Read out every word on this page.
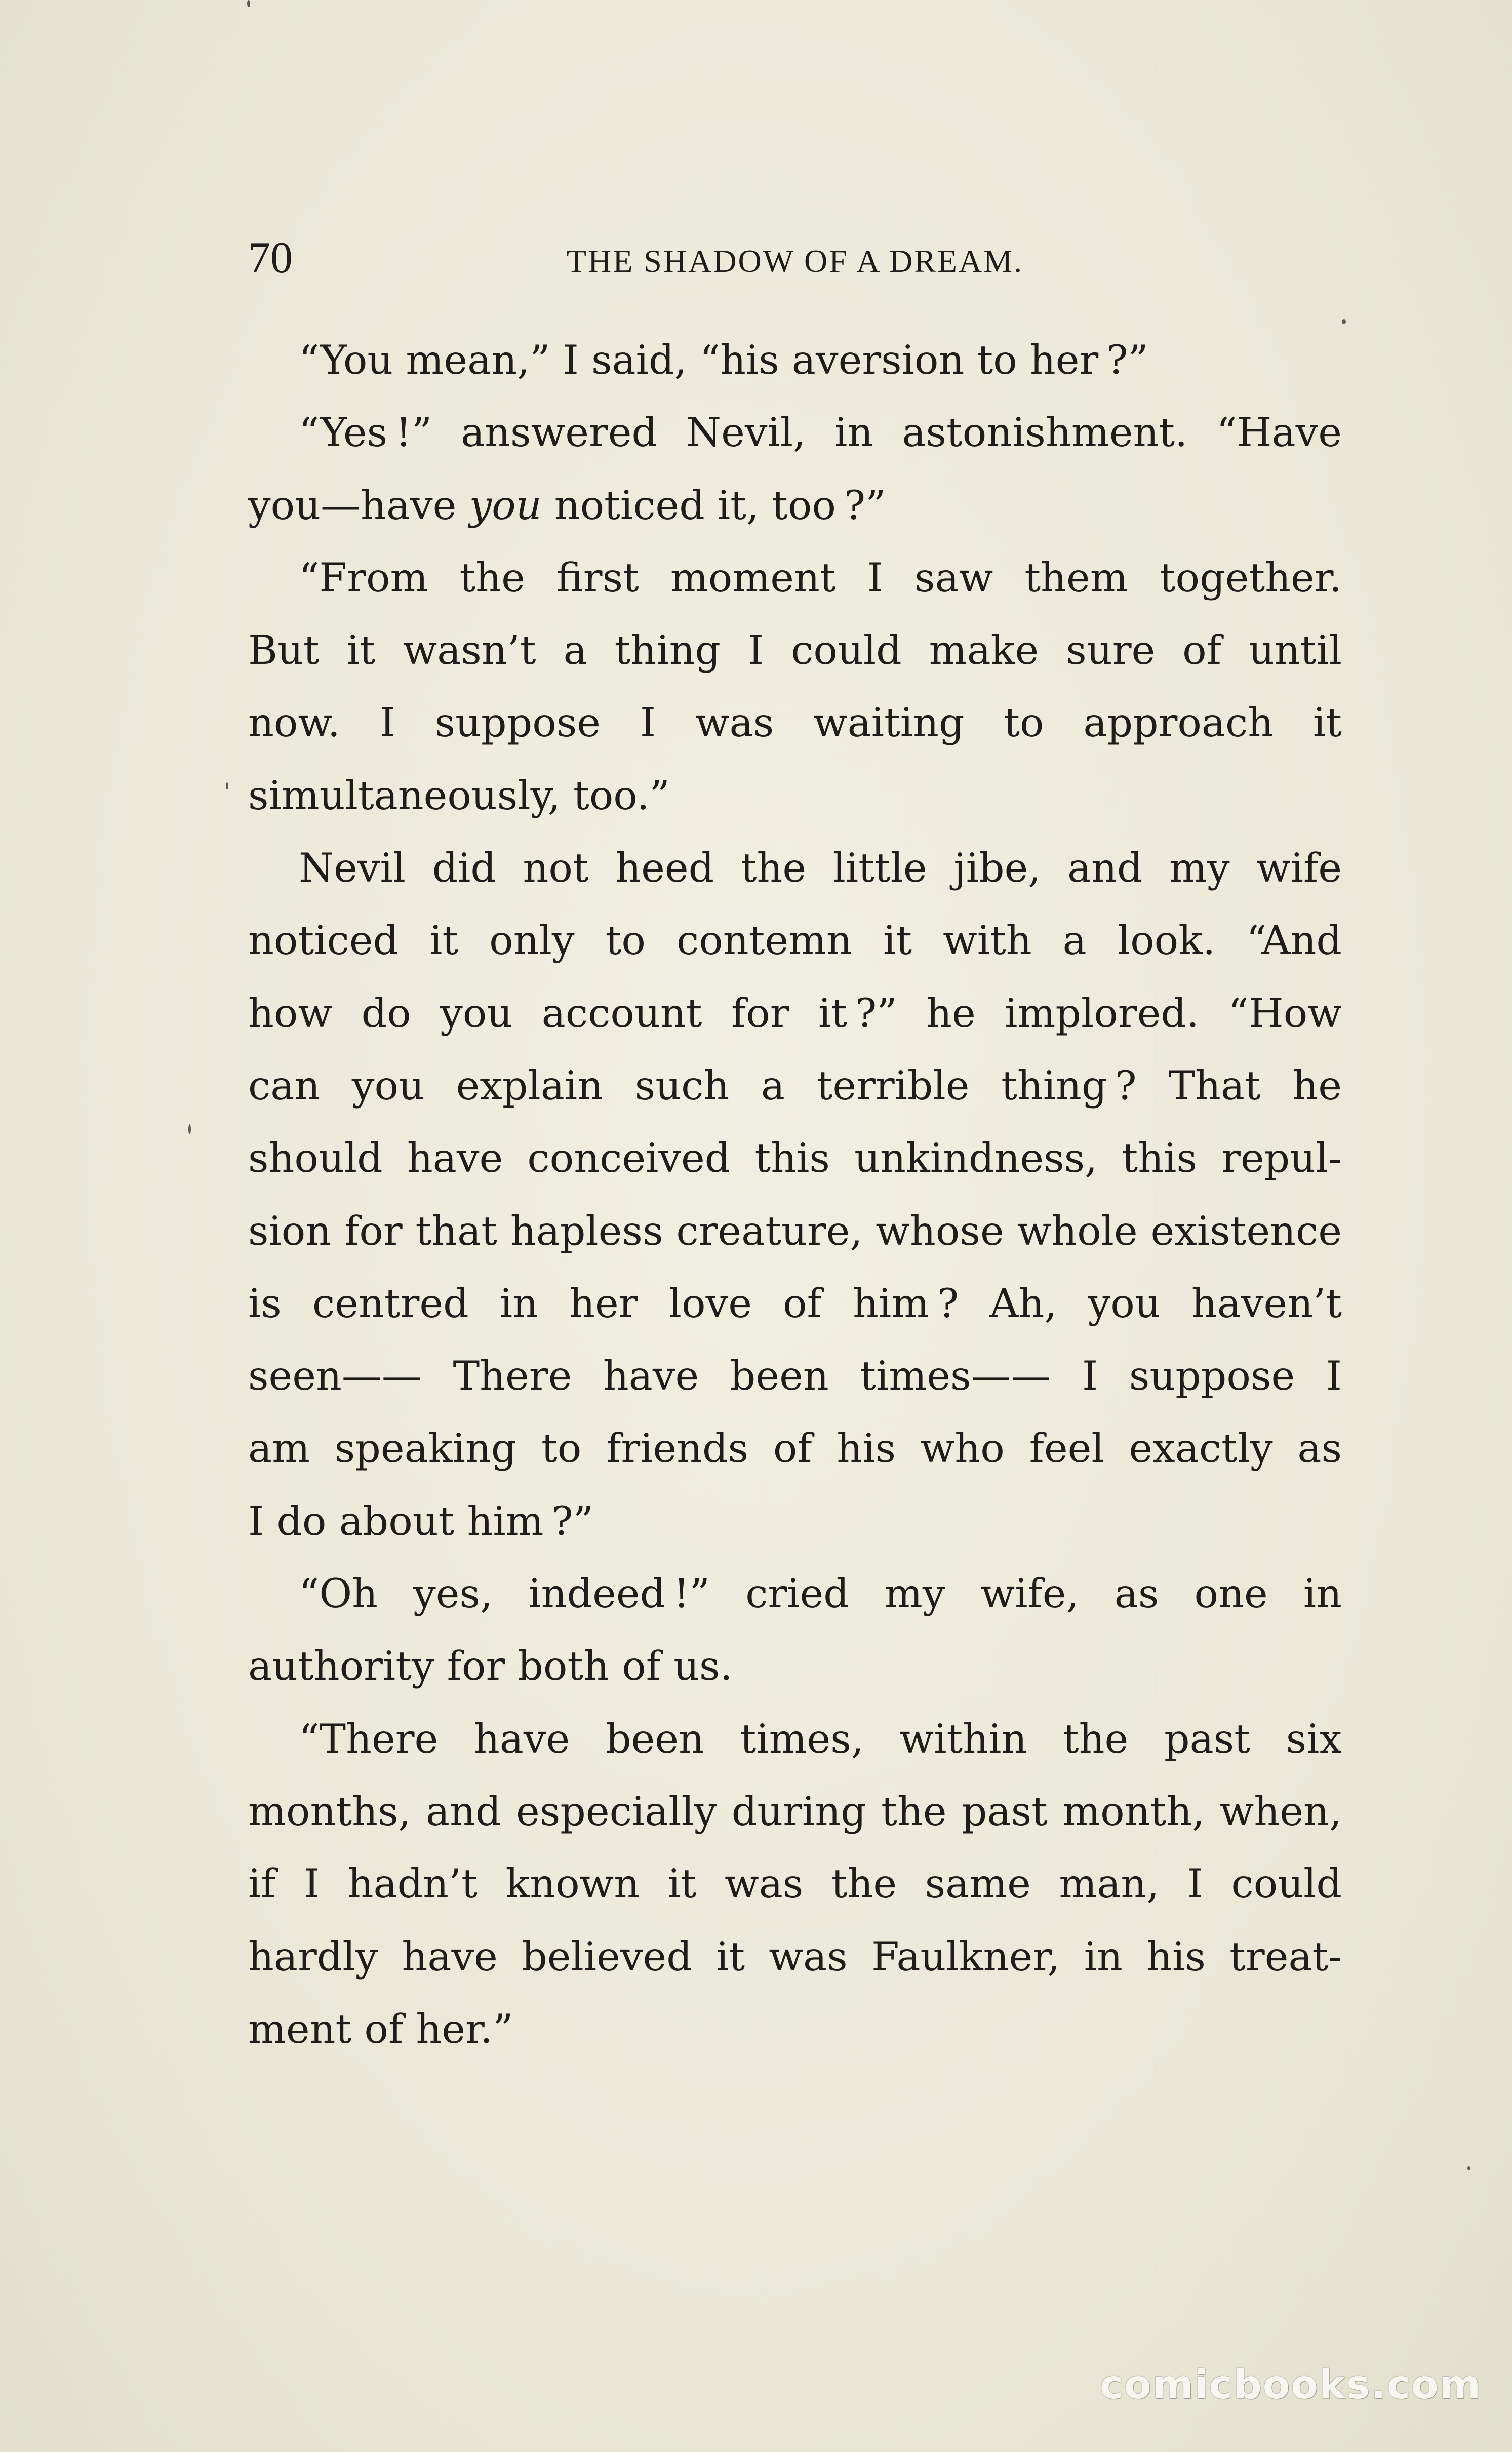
70	THE SHADOW OF A DREAM.

“You mean,” I said, “his aversion to her ?”

“Yes !” answered Nevil, in astonishment. “Have
you—have you noticed it, too ?”

“From the first moment I saw them together.
But it wasn’t a thing I could make sure of until
now. I suppose I was waiting to approach it
simultaneously, too.”

Nevil did not heed the little jibe, and my wife
noticed it only to contemn it with a look. “And
how do you account for it ?” he implored. “How
can you explain such a terrible thing ? That he
should have conceived this unkindness, this repul-
sion for that hapless creature, whose whole existence
is centred in her love of him ? Ah, you haven’t
seen—— There have been times—— I suppose I
am speaking to friends of his who feel exactly as
I do about him ?”

“Oh yes, indeed !” cried my wife, as one in
authority for both of us.

“There have been times, within the past six
months, and especially during the past month, when,
if I hadn’t known it was the same man, I could
hardly have believed it was Faulkner, in his treat-
ment of her.”

comicbooks.com
